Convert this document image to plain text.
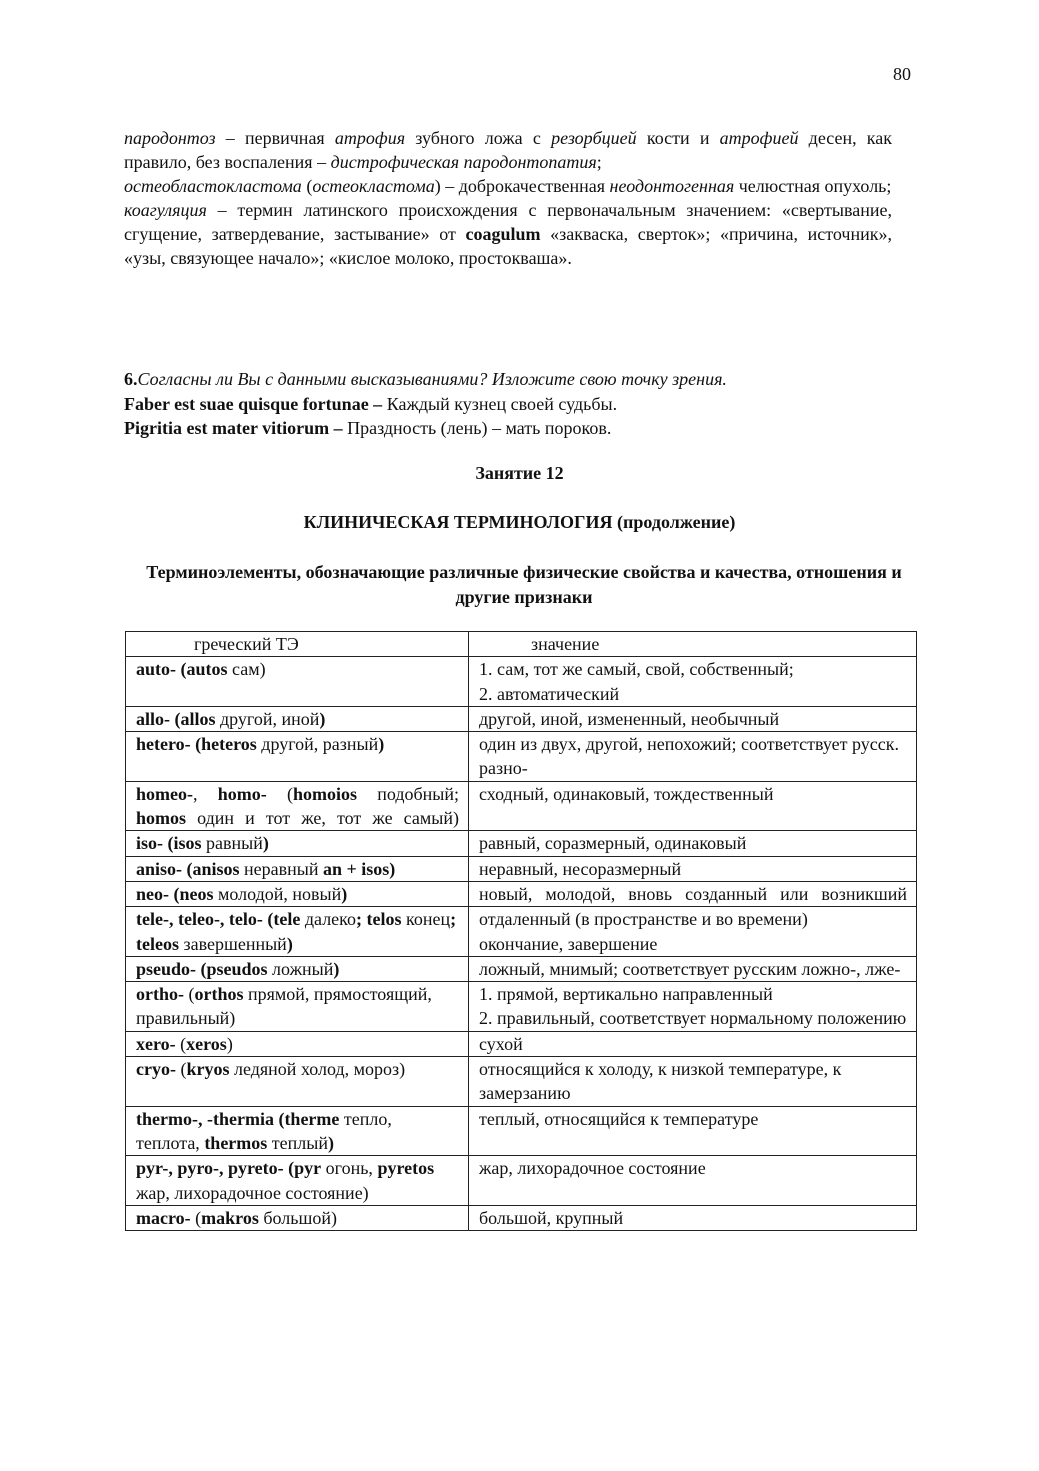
80

пародонтоз – первичная атрофия зубного ложа с резорбцией кости и атрофией десен, как правило, без воспаления – дистрофическая пародонтопатия;

остеобластокластома (остеокластома) – доброкачественная неодонтогенная челюстная опухоль;

коагуляция – термин латинского происхождения с первоначальным значением: «свертывание, сгущение, затвердевание, застывание» от coagulum «закваска, сверток»; «причина, источник», «узы, связующее начало»; «кислое молоко, простокваша».

6.Согласны ли Вы с данными высказываниями? Изложите свою точку зрения.

Faber est suae quisque fortunae – Каждый кузнец своей судьбы.

Pigritia est mater vitiorum – Праздность (лень) – мать пороков.

Занятие 12
КЛИНИЧЕСКАЯ ТЕРМИНОЛОГИЯ (продолжение)
Терминоэлементы, обозначающие различные физические свойства и качества, отношения и другие признаки
греческий ТЭ	значение
auto- (autos сам)	1. сам, тот же самый, свой, собственный;
2. автоматический

allo- (allos другой, иной)	другой, иной, измененный, необычный

hetero- (heteros другой, разный)	один из двух, другой, непохожий; соответствует русск. разно-

homeo-, homo- (homoios подобный; homos один и тот же, тот же самый)	сходный, одинаковый, тождественный

iso- (isos равный)	равный, соразмерный, одинаковый

aniso- (anisos неравный an + isos)	неравный, несоразмерный

neo- (neos молодой, новый)	новый, молодой, вновь созданный или возникший

tele-, teleo-, telo- (tele далеко; telos конец; teleos завершенный)	отдаленный (в пространстве и во времени)
окончание, завершение

pseudo- (pseudos ложный)	ложный, мнимый; соответствует русским ложно-, лже-

ortho- (orthos прямой, прямостоящий, правильный)	1. прямой, вертикально направленный
2. правильный, соответствует нормальному положению

xero- (xeros)	сухой

cryo- (kryos ледяной холод, мороз)	относящийся к холоду, к низкой температуре, к замерзанию

thermo-, -thermia (therme тепло, теплота, thermos теплый)	теплый, относящийся к температуре

pyr-, pyro-, pyreto- (pyr огонь, pyretos жар, лихорадочное состояние)	жар, лихорадочное состояние

macro- (makros большой)	большой, крупный
